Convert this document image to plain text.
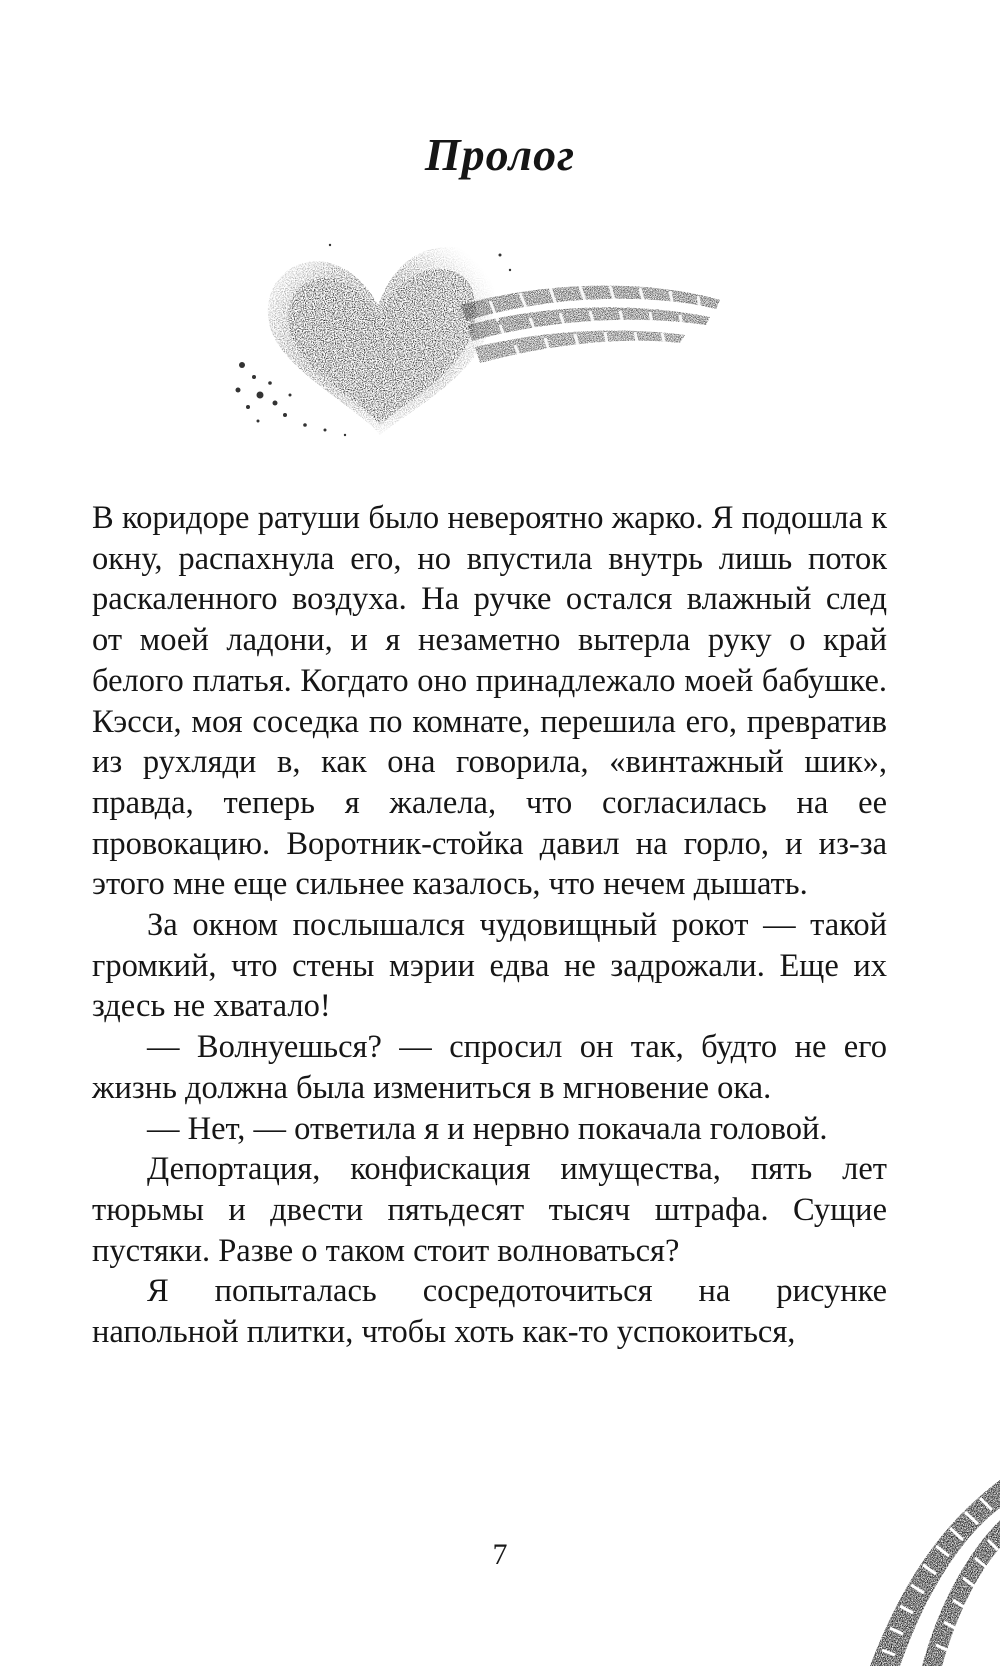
Пролог

В коридоре ратуши было невероятно жарко. Я подошла к окну, распахнула его, но впустила внутрь лишь поток раскаленного воздуха. На ручке остался влажный след от моей ладони, и я незаметно вытерла руку о край белого платья. Когдато оно принадлежало моей бабушке. Кэсси, моя соседка по комнате, перешила его, превратив из рухляди в, как она говорила, «винтажный шик», правда, теперь я жалела, что согласилась на ее провокацию. Воротник-стойка давил на горло, и из-за этого мне еще сильнее казалось, что нечем дышать.

За окном послышался чудовищный рокот — такой громкий, что стены мэрии едва не задрожали. Еще их здесь не хватало!

— Волнуешься? — спросил он так, будто не его жизнь должна была измениться в мгновение ока.

— Нет, — ответила я и нервно покачала головой.

Депортация, конфискация имущества, пять лет тюрьмы и двести пятьдесят тысяч штрафа. Сущие пустяки. Разве о таком стоит волноваться?

Я попыталась сосредоточиться на рисунке напольной плитки, чтобы хоть как-то успокоиться,

7
